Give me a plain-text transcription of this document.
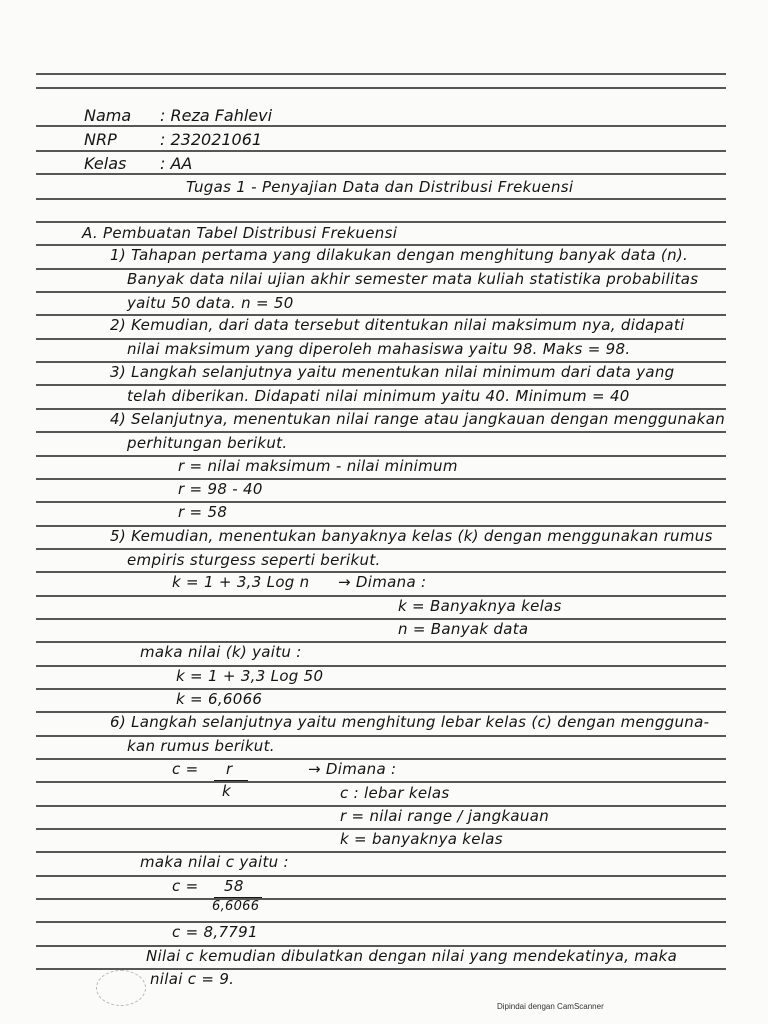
Nama : Reza Fahlevi
NRP	: 232021061
Kelas : AA
Tugas 1 - Penyajian Data dan Distribusi Frekuensi
A. Pembuatan Tabel Distribusi Frekuensi
1) Tahapan pertama yang dilakukan dengan menghitung banyak data (n).
Banyak data nilai ujian akhir semester mata kuliah statistika probabilitas
yaitu 50 data. n = 50
2) Kemudian, dari data tersebut ditentukan nilai maksimum nya, didapati
nilai maksimum yang diperoleh mahasiswa yaitu 98. Maks = 98.
3) Langkah selanjutnya yaitu menentukan nilai minimum dari data yang
telah diberikan. Didapati nilai minimum yaitu 40. Minimum = 40
4) Selanjutnya, menentukan nilai range atau jangkauan dengan menggunakan
perhitungan berikut.
r = nilai maksimum - nilai minimum
r = 98 - 40
r = 58
5) Kemudian, menentukan banyaknya kelas (k) dengan menggunakan rumus
empiris sturgess seperti berikut.
k = 1 + 3,3 Log n → Dimana :
k = Banyaknya kelas
n = Banyak data
maka nilai (k) yaitu :
k = 1 + 3,3 Log 50
k = 6,6066
6) Langkah selanjutnya yaitu menghitung lebar kelas (c) dengan menggunа-
kan rumus berikut.
c = r
k
→ Dimana :
c : lebar kelas
r = nilai range / jangkauan
k = banyaknya kelas
maka nilai c yaitu :
c = 58
6,6066
c = 8,7791
Nilai c kemudian dibulatkan dengan nilai yang mendekatinya, maka
nilai c = 9.
Dipindai dengan CamScanner
